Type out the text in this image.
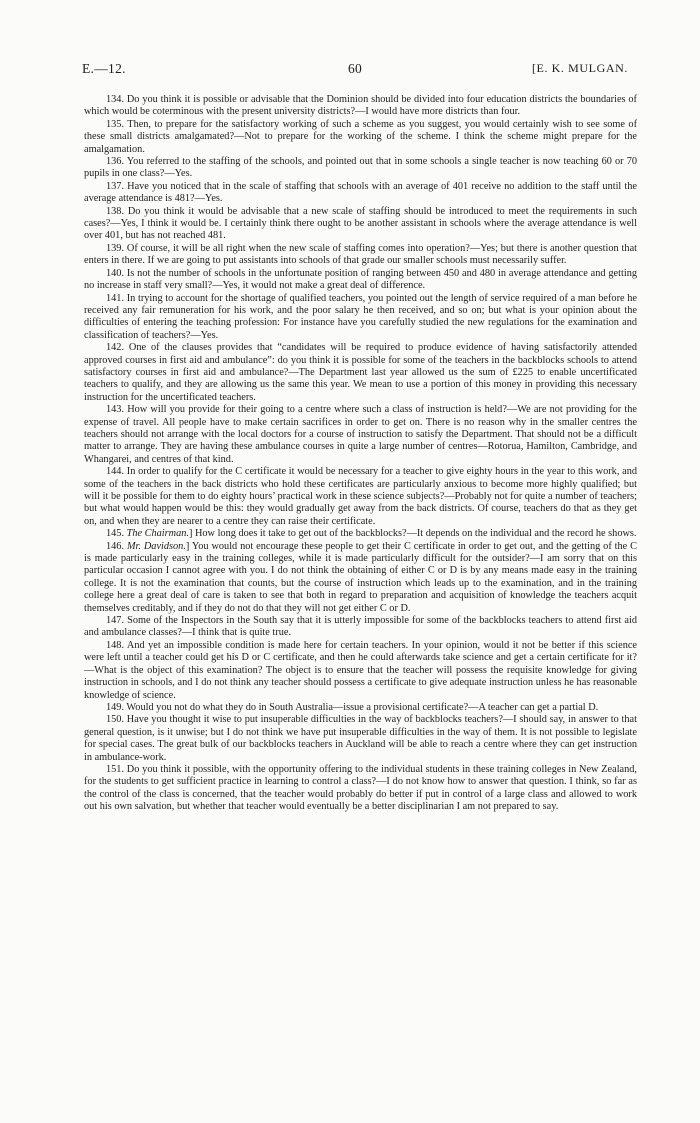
E.—12.	60	[E. K. MULGAN.

134. Do you think it is possible or advisable that the Dominion should be divided into four education districts the boundaries of which would be coterminous with the present university districts?—I would have more districts than four.

135. Then, to prepare for the satisfactory working of such a scheme as you suggest, you would certainly wish to see some of these small districts amalgamated?—Not to prepare for the working of the scheme. I think the scheme might prepare for the amalgamation.

136. You referred to the staffing of the schools, and pointed out that in some schools a single teacher is now teaching 60 or 70 pupils in one class?—Yes.

137. Have you noticed that in the scale of staffing that schools with an average of 401 receive no addition to the staff until the average attendance is 481?—Yes.

138. Do you think it would be advisable that a new scale of staffing should be introduced to meet the requirements in such cases?—Yes, I think it would be. I certainly think there ought to be another assistant in schools where the average attendance is well over 401, but has not reached 481.

139. Of course, it will be all right when the new scale of staffing comes into operation?—Yes; but there is another question that enters in there. If we are going to put assistants into schools of that grade our smaller schools must necessarily suffer.

140. Is not the number of schools in the unfortunate position of ranging between 450 and 480 in average attendance and getting no increase in staff very small?—Yes, it would not make a great deal of difference.

141. In trying to account for the shortage of qualified teachers, you pointed out the length of service required of a man before he received any fair remuneration for his work, and the poor salary he then received, and so on; but what is your opinion about the difficulties of entering the teaching profession: For instance have you carefully studied the new regulations for the examination and classification of teachers?—Yes.

142. One of the clauses provides that “candidates will be required to produce evidence of having satisfactorily attended approved courses in first aid and ambulance”: do you think it is possible for some of the teachers in the backblocks schools to attend satisfactory courses in first aid and ambulance?—The Department last year allowed us the sum of £225 to enable uncertificated teachers to qualify, and they are allowing us the same this year. We mean to use a portion of this money in providing this necessary instruction for the uncertificated teachers.

143. How will you provide for their going to a centre where such a class of instruction is held?—We are not providing for the expense of travel. All people have to make certain sacrifices in order to get on. There is no reason why in the smaller centres the teachers should not arrange with the local doctors for a course of instruction to satisfy the Department. That should not be a difficult matter to arrange. They are having these ambulance courses in quite a large number of centres—Rotorua, Hamilton, Cambridge, and Whangarei, and centres of that kind.

144. In order to qualify for the C certificate it would be necessary for a teacher to give eighty hours in the year to this work, and some of the teachers in the back districts who hold these certificates are particularly anxious to become more highly qualified; but will it be possible for them to do eighty hours’ practical work in these science subjects?—Probably not for quite a number of teachers; but what would happen would be this: they would gradually get away from the back districts. Of course, teachers do that as they get on, and when they are nearer to a centre they can raise their certificate.

145. The Chairman.] How long does it take to get out of the backblocks?—It depends on the individual and the record he shows.

146. Mr. Davidson.] You would not encourage these people to get their C certificate in order to get out, and the getting of the C is made particularly easy in the training colleges, while it is made particularly difficult for the outsider?—I am sorry that on this particular occasion I cannot agree with you. I do not think the obtaining of either C or D is by any means made easy in the training college. It is not the examination that counts, but the course of instruction which leads up to the examination, and in the training college here a great deal of care is taken to see that both in regard to preparation and acquisition of knowledge the teachers acquit themselves creditably, and if they do not do that they will not get either C or D.

147. Some of the Inspectors in the South say that it is utterly impossible for some of the backblocks teachers to attend first aid and ambulance classes?—I think that is quite true.

148. And yet an impossible condition is made here for certain teachers. In your opinion, would it not be better if this science were left until a teacher could get his D or C certificate, and then he could afterwards take science and get a certain certificate for it?—What is the object of this examination? The object is to ensure that the teacher will possess the requisite knowledge for giving instruction in schools, and I do not think any teacher should possess a certificate to give adequate instruction unless he has reasonable knowledge of science.

149. Would you not do what they do in South Australia—issue a provisional certificate?—A teacher can get a partial D.

150. Have you thought it wise to put insuperable difficulties in the way of backblocks teachers?—I should say, in answer to that general question, is it unwise; but I do not think we have put insuperable difficulties in the way of them. It is not possible to legislate for special cases. The great bulk of our backblocks teachers in Auckland will be able to reach a centre where they can get instruction in ambulance-work.

151. Do you think it possible, with the opportunity offering to the individual students in these training colleges in New Zealand, for the students to get sufficient practice in learning to control a class?—I do not know how to answer that question. I think, so far as the control of the class is concerned, that the teacher would probably do better if put in control of a large class and allowed to work out his own salvation, but whether that teacher would eventually be a better disciplinarian I am not prepared to say.
